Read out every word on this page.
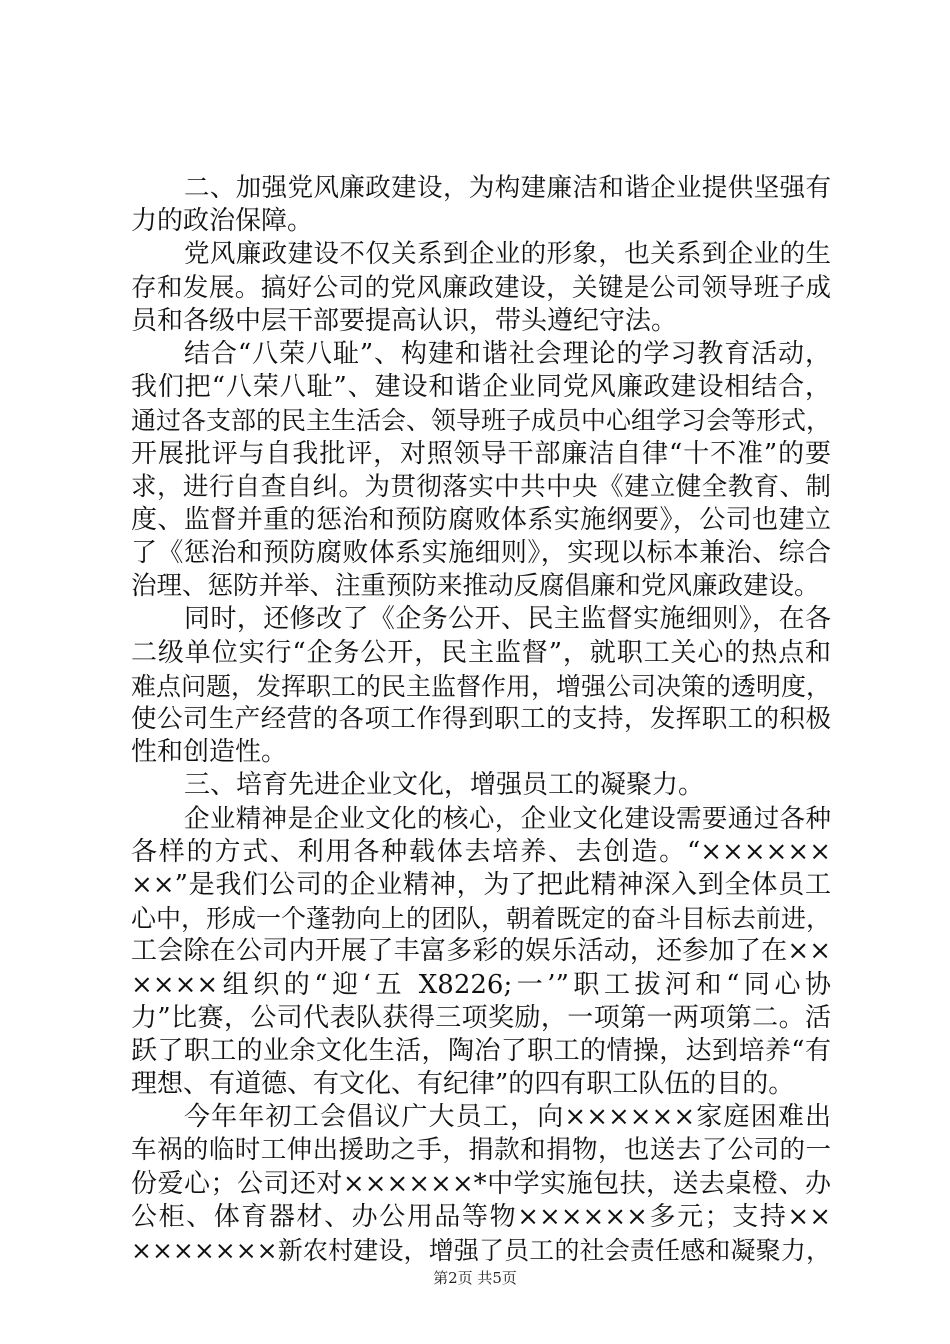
二、加强党风廉政建设，为构建廉洁和谐企业提供坚强有
力的政治保障。
党风廉政建设不仅关系到企业的形象，也关系到企业的生
存和发展。搞好公司的党风廉政建设，关键是公司领导班子成
员和各级中层干部要提高认识，带头遵纪守法。
结合“八荣八耻”、构建和谐社会理论的学习教育活动，
我们把“八荣八耻”、建设和谐企业同党风廉政建设相结合，
通过各支部的民主生活会、领导班子成员中心组学习会等形式，
开展批评与自我批评，对照领导干部廉洁自律“十不准”的要
求，进行自查自纠。为贯彻落实中共中央《建立健全教育、制
度、监督并重的惩治和预防腐败体系实施纲要》，公司也建立
了《惩治和预防腐败体系实施细则》，实现以标本兼治、综合
治理、惩防并举、注重预防来推动反腐倡廉和党风廉政建设。
同时，还修改了《企务公开、民主监督实施细则》，在各
二级单位实行“企务公开，民主监督”，就职工关心的热点和
难点问题，发挥职工的民主监督作用，增强公司决策的透明度，
使公司生产经营的各项工作得到职工的支持，发挥职工的积极
性和创造性。
三、培育先进企业文化，增强员工的凝聚力。
企业精神是企业文化的核心，企业文化建设需要通过各种
各样的方式、利用各种载体去培养、去创造。“××××××
××”是我们公司的企业精神，为了把此精神深入到全体员工
心中，形成一个蓬勃向上的团队，朝着既定的奋斗目标去前进，
工会除在公司内开展了丰富多彩的娱乐活动，还参加了在××
××××组织的“迎‘五 X8226;一’”职工拔河和“同心协
力”比赛，公司代表队获得三项奖励，一项第一两项第二。活
跃了职工的业余文化生活，陶冶了职工的情操，达到培养“有
理想、有道德、有文化、有纪律”的四有职工队伍的目的。
今年年初工会倡议广大员工，向××××××家庭困难出
车祸的临时工伸出援助之手，捐款和捐物，也送去了公司的一
份爱心；公司还对××××××*中学实施包扶，送去桌橙、办
公柜、体育器材、办公用品等物××××××多元；支持××
×××××××新农村建设，增强了员工的社会责任感和凝聚力，
第2页 共5页
